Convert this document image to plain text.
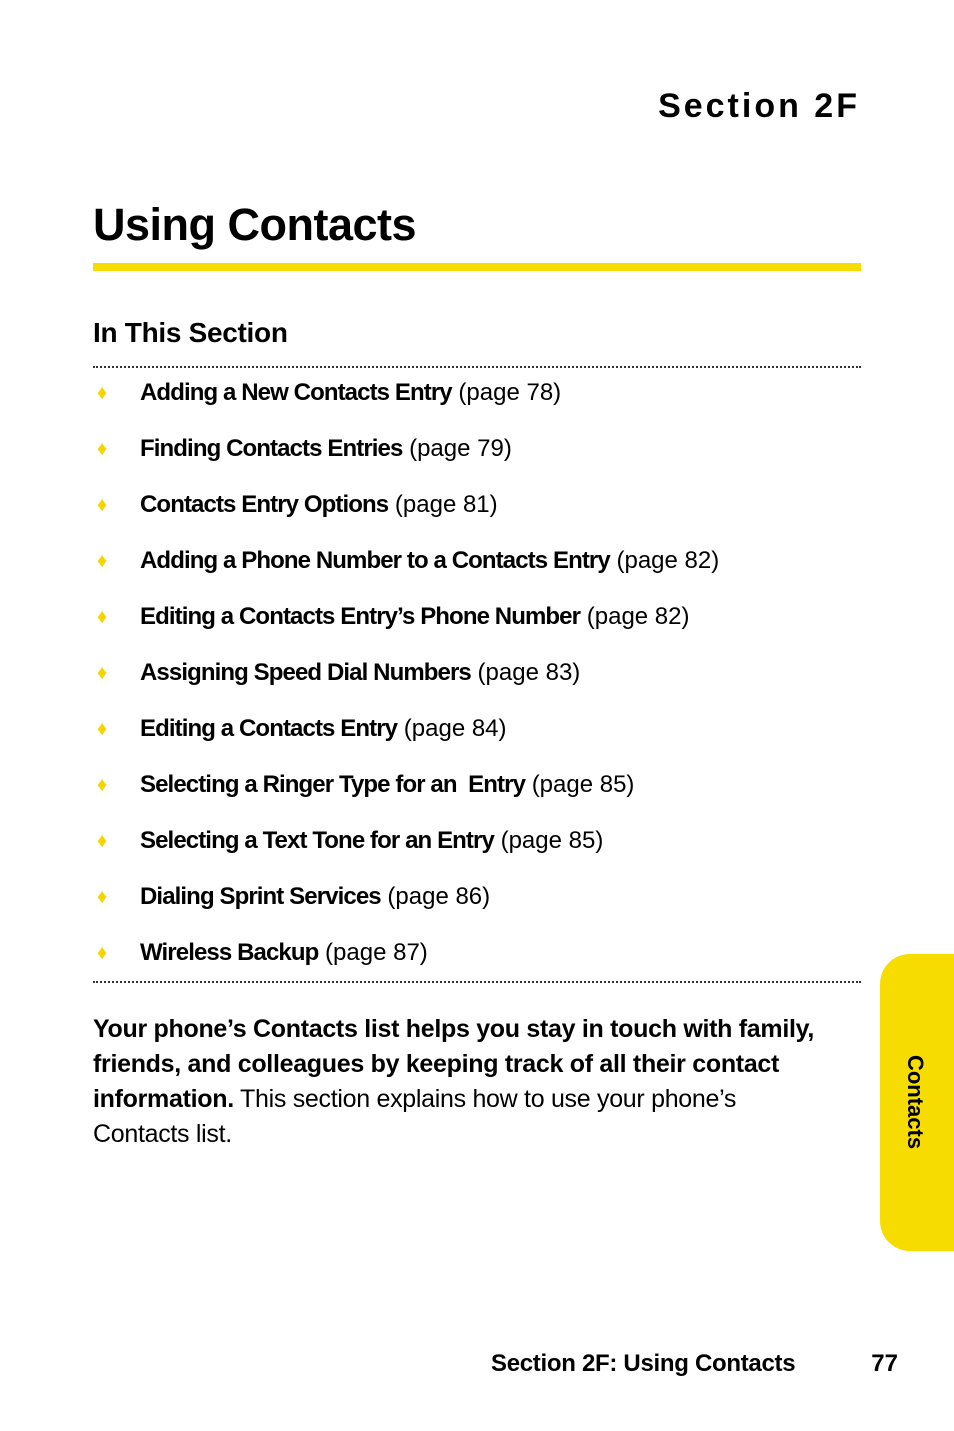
Section 2F
Using Contacts
In This Section
♦ Adding a New Contacts Entry (page 78)
♦ Finding Contacts Entries (page 79)
♦ Contacts Entry Options (page 81)
♦ Adding a Phone Number to a Contacts Entry (page 82)
♦ Editing a Contacts Entry’s Phone Number (page 82)
♦ Assigning Speed Dial Numbers (page 83)
♦ Editing a Contacts Entry (page 84)
♦ Selecting a Ringer Type for an  Entry (page 85)
♦ Selecting a Text Tone for an Entry (page 85)
♦ Dialing Sprint Services (page 86)
♦ Wireless Backup (page 87)

Your phone’s Contacts list helps you stay in touch with family, friends, and colleagues by keeping track of all their contact information. This section explains how to use your phone’s Contacts list.	Contacts
Section 2F: Using Contacts	77
